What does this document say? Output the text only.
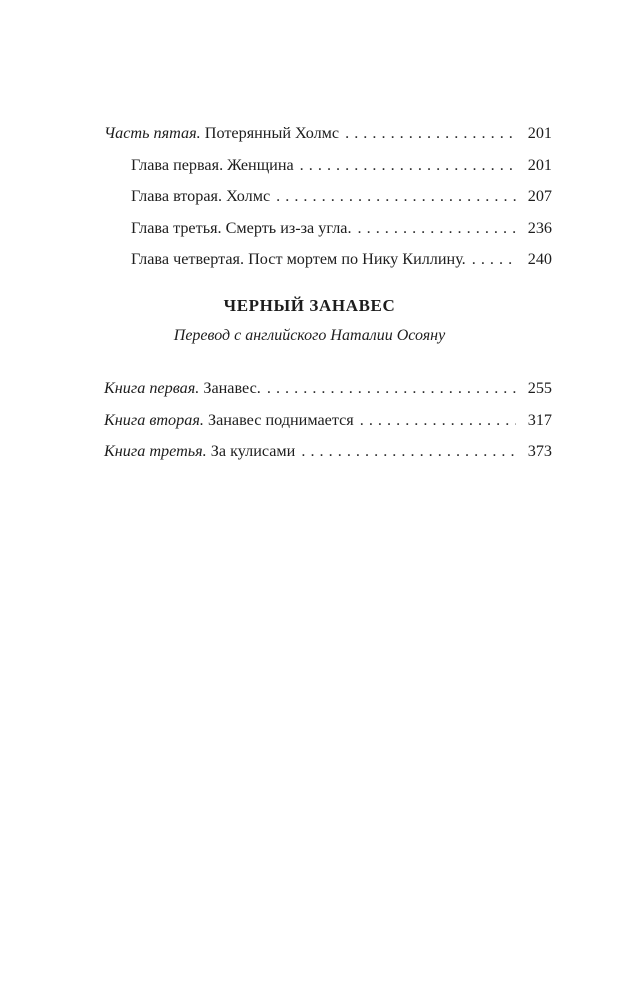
Часть пятая. Потерянный Холмс . . .	201
Глава первая. Женщина . . .	201
Глава вторая. Холмс . . .	207
Глава третья. Смерть из-за угла. . . .	236
Глава четвертая. Пост мортем по Нику Киллину. . . .	240
ЧЕРНЫЙ ЗАНАВЕС

Перевод с английского Наталии Осояну

Книга первая. Занавес. . . .	255
Книга вторая. Занавес поднимается . . .	317
Книга третья. За кулисами . . .	373
